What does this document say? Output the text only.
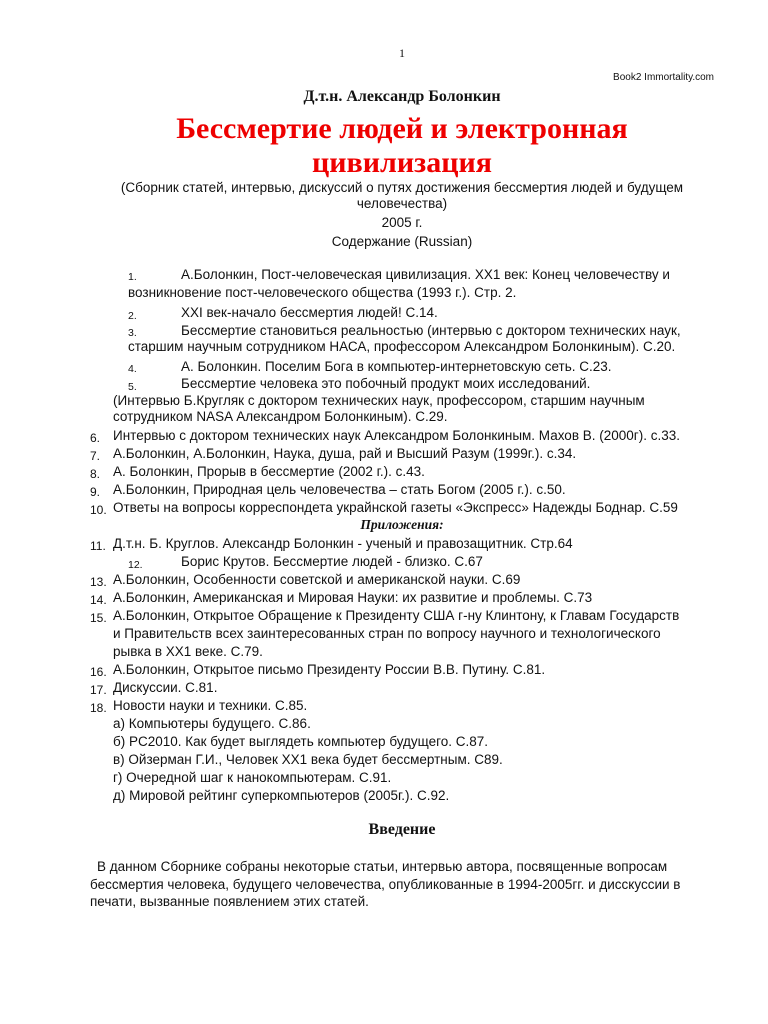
1
Book2 Immortality.com
Д.т.н. Александр Болонкин
Бессмертие людей и электронная
цивилизация
(Сборник статей, интервью, дискуссий о путях достижения бессмертия людей и будущем
человечества)
2005 г.
Содержание (Russian)
1.	А.Болонкин, Пост-человеческая цивилизация. XX1 век: Конец человечеству и
возникновение пост-человеческого общества (1993 г.). Стр. 2.
2.	XXI век-начало бессмертия людей! С.14.
3.	Бессмертие становиться реальностью (интервью с доктором технических наук,
старшим научным сотрудником НАСА, профессором Александром Болонкиным). С.20.
4.	А. Болонкин. Поселим Бога в компьютер-интернетовскую сеть. С.23.
5.	Бессмертие человека это побочный продукт моих исследований.
(Интервью Б.Кругляк с доктором технических наук, профессором, старшим научным
сотрудником NASA Александром Болонкиным). С.29.
6. Интервью с доктором технических наук Александром Болонкиным. Махов В. (2000г). с.33.
7. А.Болонкин, А.Болонкин, Наука, душа, рай и Высший Разум (1999г.). с.34.
8. А. Болонкин, Прорыв в бессмертие (2002 г.). с.43.
9. А.Болонкин, Природная цель человечества – стать Богом (2005 г.). с.50.
10. Ответы на вопросы корреспондета украйнской газеты «Экспресс» Надежды Боднар. С.59
Приложения:
11. Д.т.н. Б. Круглов. Александр Болонкин - ученый и правозащитник. Стр.64
12.	Борис Крутов. Бессмертие людей - близко. С.67
13. А.Болонкин, Особенности советской и американской науки. С.69
14. А.Болонкин, Американская и Мировая Науки: их развитие и проблемы. С.73
15. А.Болонкин, Открытое Обращение к Президенту США г-ну Клинтону, к Главам Государств
и Правительств всех заинтересованных стран по вопросу научного и технологического
рывка в XX1 веке. С.79.
16. А.Болонкин, Открытое письмо Президенту России В.В. Путину. С.81.
17. Дискуссии. С.81.
18. Новости науки и техники. С.85.
а) Компьютеры будущего. С.86.
б) PC2010. Как будет выглядеть компьютер будущего. С.87.
в) Ойзерман Г.И., Человек XX1 века будет бессмертным. С89.
г) Очередной шаг к нанокомпьютерам. С.91.
д) Мировой рейтинг суперкомпьютеров (2005г.). С.92.
Введение
В данном Сборнике собраны некоторые статьи, интервью автора, посвященные вопросам
бессмертия человека, будущего человечества, опубликованные в 1994-2005гг. и дисскуссии в
печати, вызванные появлением этих статей.
